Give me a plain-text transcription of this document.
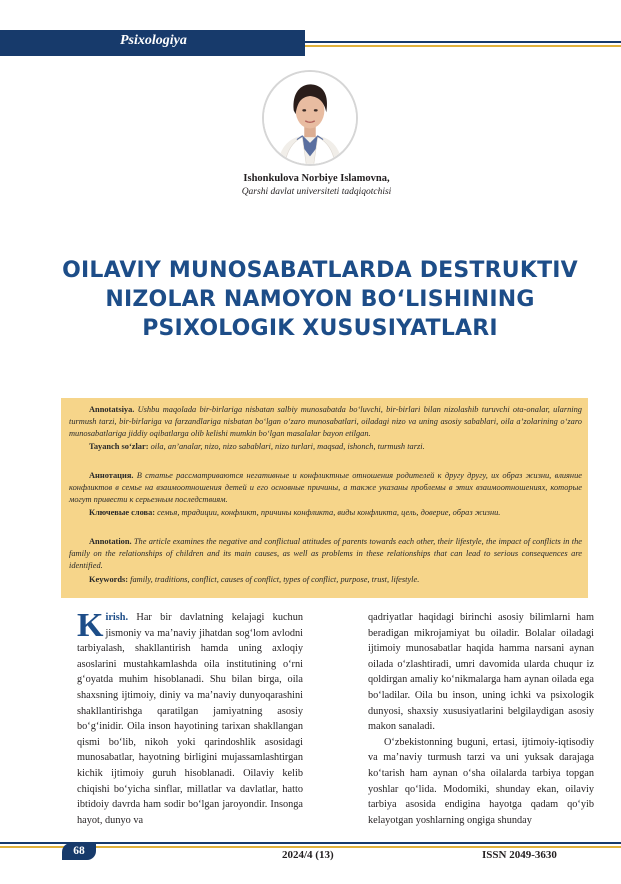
Psixologiya
Ishonkulova Norbiye Islamovna,
Qarshi davlat universiteti tadqiqotchisi
OILAVIY MUNOSABATLARDA DESTRUKTIV
NIZOLAR NAMOYON BO‘LISHINING
PSIXOLOGIK XUSUSIYATLARI
Annotatsiya. Ushbu maqolada bir-birlariga nisbatan salbiy munosabatda bo‘luvchi, bir-birlari bilan nizolashib turuvchi ota-onalar, ularning turmush tarzi, bir-birlariga va farzandlariga nisbatan bo‘lgan o‘zaro munosabatlari, oiladagi nizo va uning asosiy sabablari, oila a’zolarining o‘zaro munosabatlariga jiddiy oqibatlarga olib kelishi mumkin bo‘lgan masalalar bayon etilgan.
Tayanch so‘zlar: oila, an’analar, nizo, nizo sabablari, nizo turlari, maqsad, ishonch, turmush tarzi.
Аннотация. В статье рассматриваются негативные и конфликтные отношения родителей к другу другу, их образ жизни, влияние конфликтов в семье на взаимоотношения детей и его основные причины, а также указаны проблемы в этих взаимоотношениях, которые могут привести к серьезным последствиям.
Ключевые слова: семья, традиции, конфликт, причины конфликта, виды конфликта, цель, доверие, образ жизни.
Annotation. The article examines the negative and conflictual attitudes of parents towards each other, their lifestyle, the impact of conflicts in the family on the relationships of children and its main causes, as well as problems in these relationships that can lead to serious consequences are identified.
Keywords: family, traditions, conflict, causes of conflict, types of conflict, purpose, trust, lifestyle.

Kirish. Har bir davlatning kelajagi kuchun jismoniy va ma’naviy jihatdan sog‘lom avlodni tarbiyalash, shakllantirish hamda uning axloqiy asoslarini mustahkamlashda oila institutining o‘rni g‘oyatda muhim hisoblanadi. Shu bilan birga, oila shaxsning ijtimoiy, diniy va ma’naviy dunyoqarashini shakllantirishga qaratilgan jamiyatning asosiy bo‘g‘inidir. Oila inson hayotining tarixan shakllangan qismi bo‘lib, nikoh yoki qarindoshlik asosidagi munosabatlar, hayotning birligini mujassamlashtirgan kichik ijtimoiy guruh hisoblanadi. Oilaviy kelib chiqishi bo‘yicha sinflar, millatlar va davlatlar, hatto ibtidoiy davrda ham sodir bo‘lgan jaroyondir. Insonga hayot, dunyo va

qadriyatlar haqidagi birinchi asosiy bilimlarni ham beradigan mikrojamiyat bu oiladir. Bolalar oiladagi ijtimoiy munosabatlar haqida hamma narsani aynan oilada o‘zlashtiradi, umri davomida ularda chuqur iz qoldirgan amaliy ko‘nikmalarga ham aynan oilada ega bo‘ladilar. Oila bu inson, uning ichki va psixologik dunyosi, shaxsiy xususiyatlarini belgilaydigan asosiy makon sanaladi.

O‘zbekistonning buguni, ertasi, ijtimoiy-iqtisodiy va ma’naviy turmush tarzi va uni yuksak darajaga ko‘tarish ham aynan o‘sha oilalarda tarbiya topgan yoshlar qo‘lida. Modomiki, shunday ekan, oilaviy tarbiya asosida endigina hayotga qadam qo‘yib kelayotgan yoshlarning ongiga shunday

68	2024/4 (13)	ISSN 2049-3630
